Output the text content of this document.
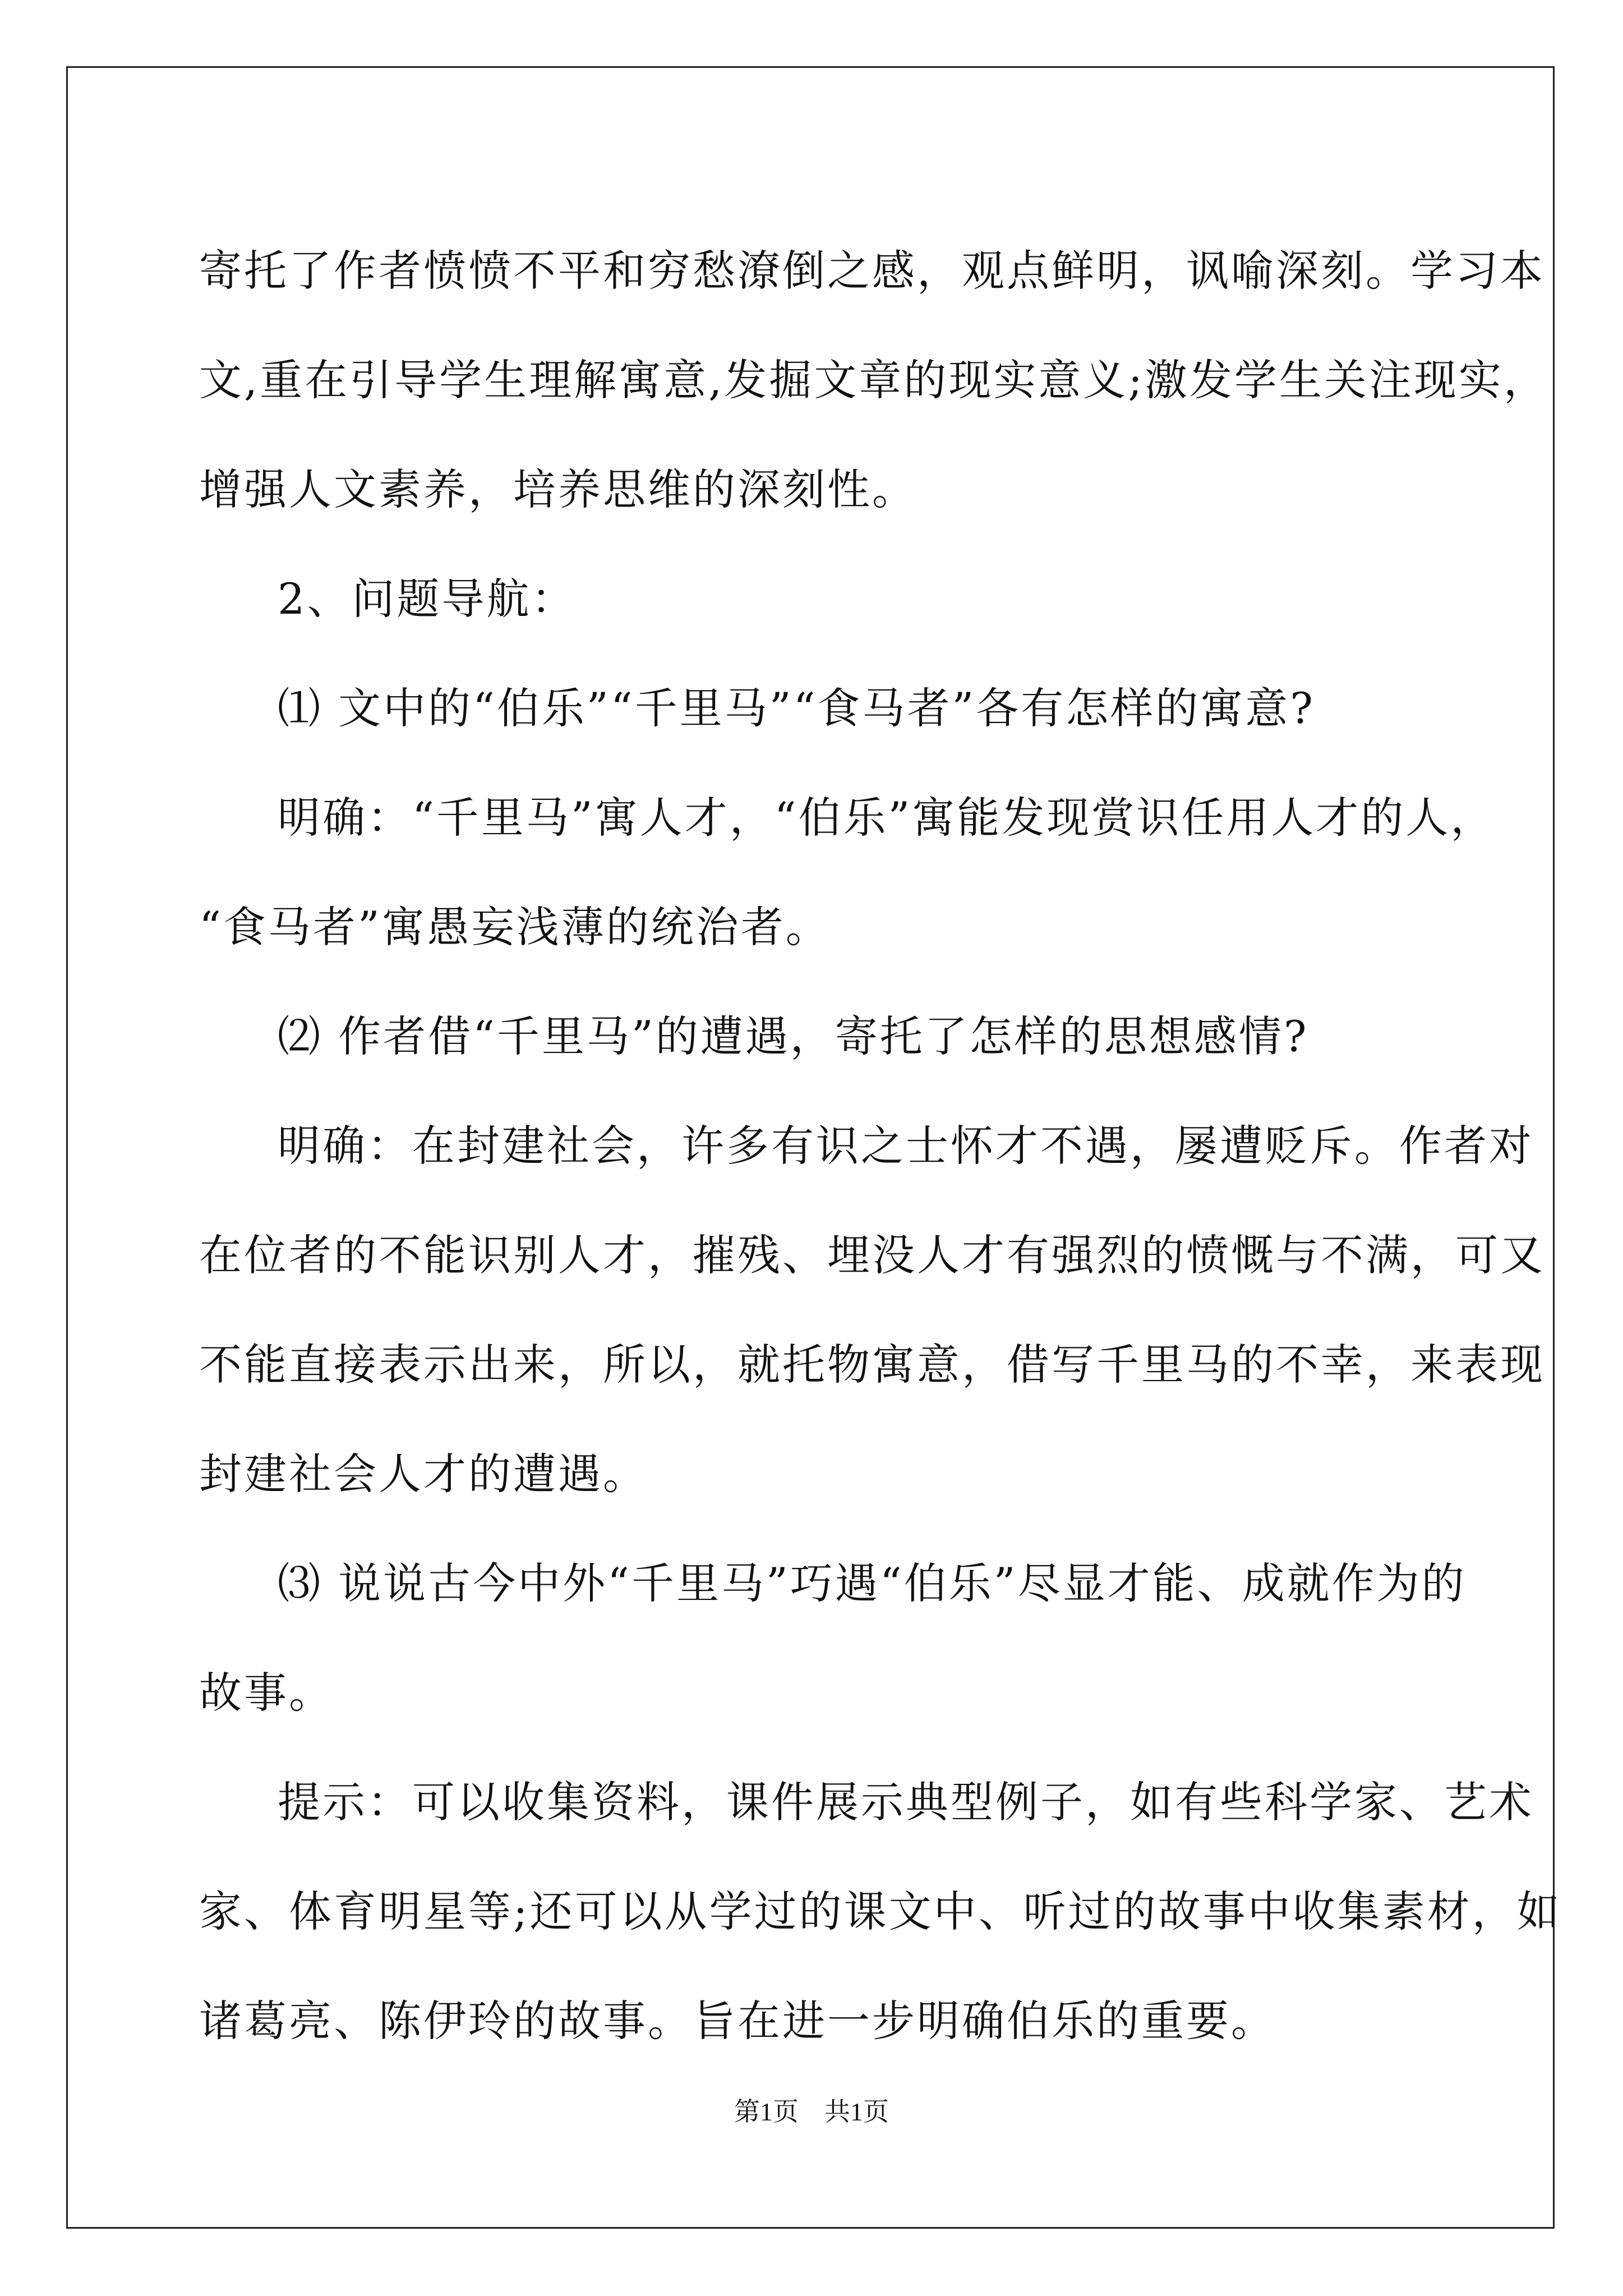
寄托了作者愤愤不平和穷愁潦倒之感，观点鲜明，讽喻深刻。学习本
文,重在引导学生理解寓意,发掘文章的现实意义;激发学生关注现实，
增强人文素养，培养思维的深刻性。
2、问题导航：
⑴ 文中的“伯乐”“千里马”“食马者”各有怎样的寓意?
明确：“千里马”寓人才，“伯乐”寓能发现赏识任用人才的人，
“食马者”寓愚妄浅薄的统治者。
⑵ 作者借“千里马”的遭遇，寄托了怎样的思想感情?
明确：在封建社会，许多有识之士怀才不遇，屡遭贬斥。作者对
在位者的不能识别人才，摧残、埋没人才有强烈的愤慨与不满，可又
不能直接表示出来，所以，就托物寓意，借写千里马的不幸，来表现
封建社会人才的遭遇。
⑶ 说说古今中外“千里马”巧遇“伯乐”尽显才能、成就作为的
故事。
提示：可以收集资料，课件展示典型例子，如有些科学家、艺术
家、体育明星等;还可以从学过的课文中、听过的故事中收集素材，如
诸葛亮、陈伊玲的故事。旨在进一步明确伯乐的重要。
第1页　共1页
